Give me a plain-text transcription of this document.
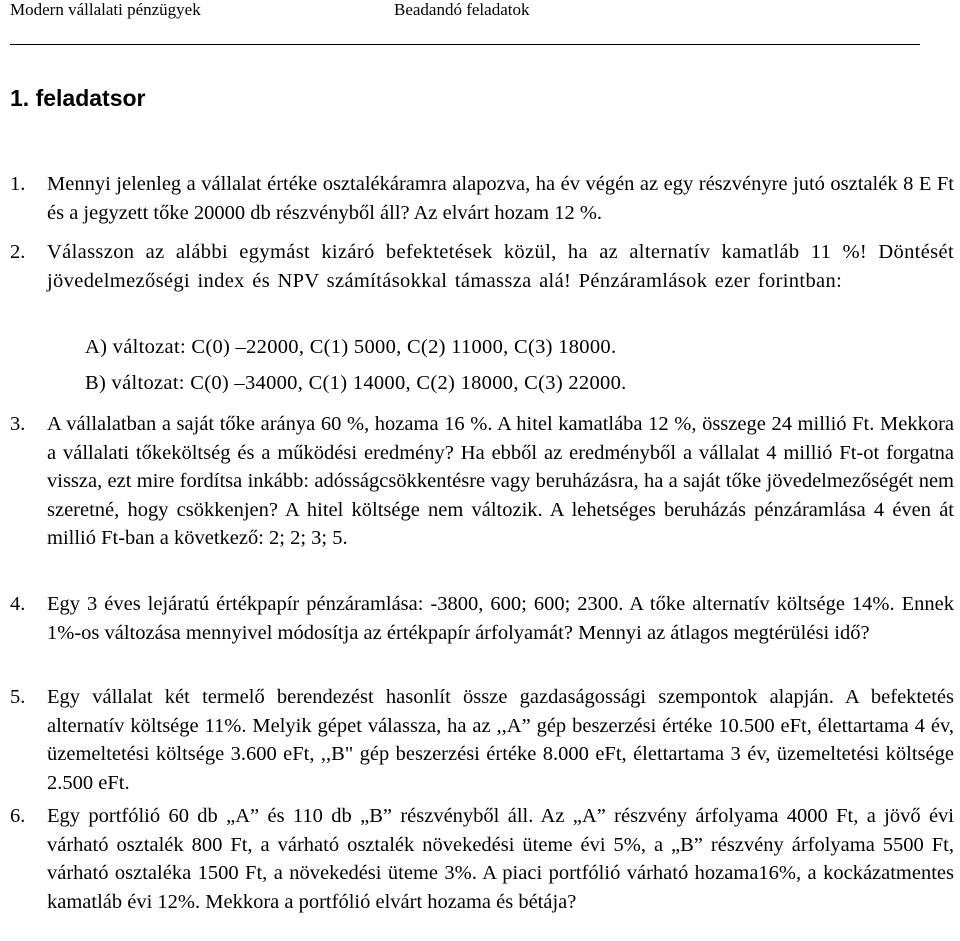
Modern vállalati pénzügyek	Beadandó feladatok
1. feladatsor
1. Mennyi jelenleg a vállalat értéke osztalékáramra alapozva, ha év végén az egy részvényre jutó osztalék 8 E Ft és a jegyzett tőke 20000 db részvényből áll? Az elvárt hozam 12 %.
2. Válasszon az alábbi egymást kizáró befektetések közül, ha az alternatív kamatláb 11 %! Döntését jövedelmezőségi index és NPV számításokkal támassza alá! Pénzáramlások ezer forintban:
A) változat: C(0) –22000, C(1) 5000, C(2) 11000, C(3) 18000.
B) változat: C(0) –34000, C(1) 14000, C(2) 18000, C(3) 22000.
3. A vállalatban a saját tőke aránya 60 %, hozama 16 %. A hitel kamatlába 12 %, összege 24 millió Ft. Mekkora a vállalati tőkeköltség és a működési eredmény? Ha ebből az eredményből a vállalat 4 millió Ft-ot forgatna vissza, ezt mire fordítsa inkább: adósságcsökkentésre vagy beruházásra, ha a saját tőke jövedelmezőségét nem szeretné, hogy csökkenjen? A hitel költsége nem változik. A lehetséges beruházás pénzáramlása 4 éven át millió Ft-ban a következő: 2; 2; 3; 5.
4. Egy 3 éves lejáratú értékpapír pénzáramlása: -3800, 600; 600; 2300. A tőke alternatív költsége 14%. Ennek 1%-os változása mennyivel módosítja az értékpapír árfolyamát? Mennyi az átlagos megtérülési idő?
5. Egy vállalat két termelő berendezést hasonlít össze gazdaságossági szempontok alapján. A befektetés alternatív költsége 11%. Melyik gépet válassza, ha az ,,A” gép beszerzési értéke 10.500 eFt, élettartama 4 év, üzemeltetési költsége 3.600 eFt, ,,B" gép beszerzési értéke 8.000 eFt, élettartama 3 év, üzemeltetési költsége 2.500 eFt.
6. Egy portfólió 60 db „A” és 110 db „B” részvényből áll. Az „A” részvény árfolyama 4000 Ft, a jövő évi várható osztalék 800 Ft, a várható osztalék növekedési üteme évi 5%, a „B” részvény árfolyama 5500 Ft, várható osztaléka 1500 Ft, a növekedési üteme 3%. A piaci portfólió várható hozama16%, a kockázatmentes kamatláb évi 12%. Mekkora a portfólió elvárt hozama és bétája?
